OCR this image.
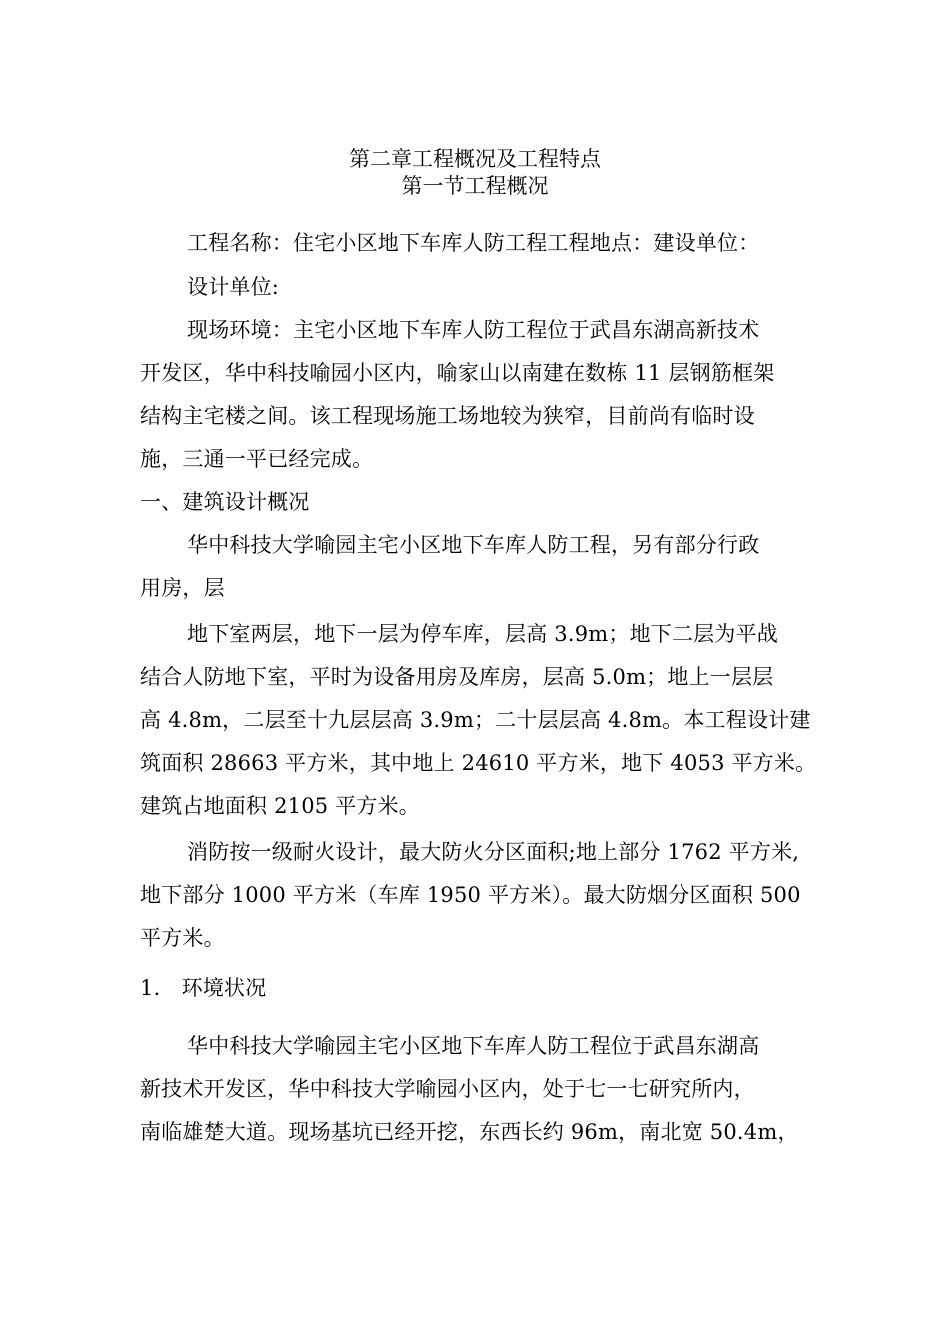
第二章工程概况及工程特点
第一节工程概况
工程名称：住宅小区地下车库人防工程工程地点：建设单位：
设计单位:
现场环境：主宅小区地下车库人防工程位于武昌东湖高新技术
开发区，华中科技喻园小区内，喻家山以南建在数栋 11 层钢筋框架
结构主宅楼之间。该工程现场施工场地较为狭窄，目前尚有临时设
施，三通一平已经完成。
一、建筑设计概况
华中科技大学喻园主宅小区地下车库人防工程，另有部分行政
用房，层
地下室两层，地下一层为停车库，层高 3.9m；地下二层为平战
结合人防地下室，平时为设备用房及库房，层高 5.0m；地上一层层
高 4.8m，二层至十九层层高 3.9m；二十层层高 4.8m。本工程设计建
筑面积 28663 平方米，其中地上 24610 平方米，地下 4053 平方米。
建筑占地面积 2105 平方米。
消防按一级耐火设计，最大防火分区面积;地上部分 1762 平方米,
地下部分 1000 平方米（车库 1950 平方米）。最大防烟分区面积 500
平方米。
1.　环境状况
华中科技大学喻园主宅小区地下车库人防工程位于武昌东湖高
新技术开发区，华中科技大学喻园小区内，处于七一七研究所内，
南临雄楚大道。现场基坑已经开挖，东西长约 96m，南北宽 50.4m，
